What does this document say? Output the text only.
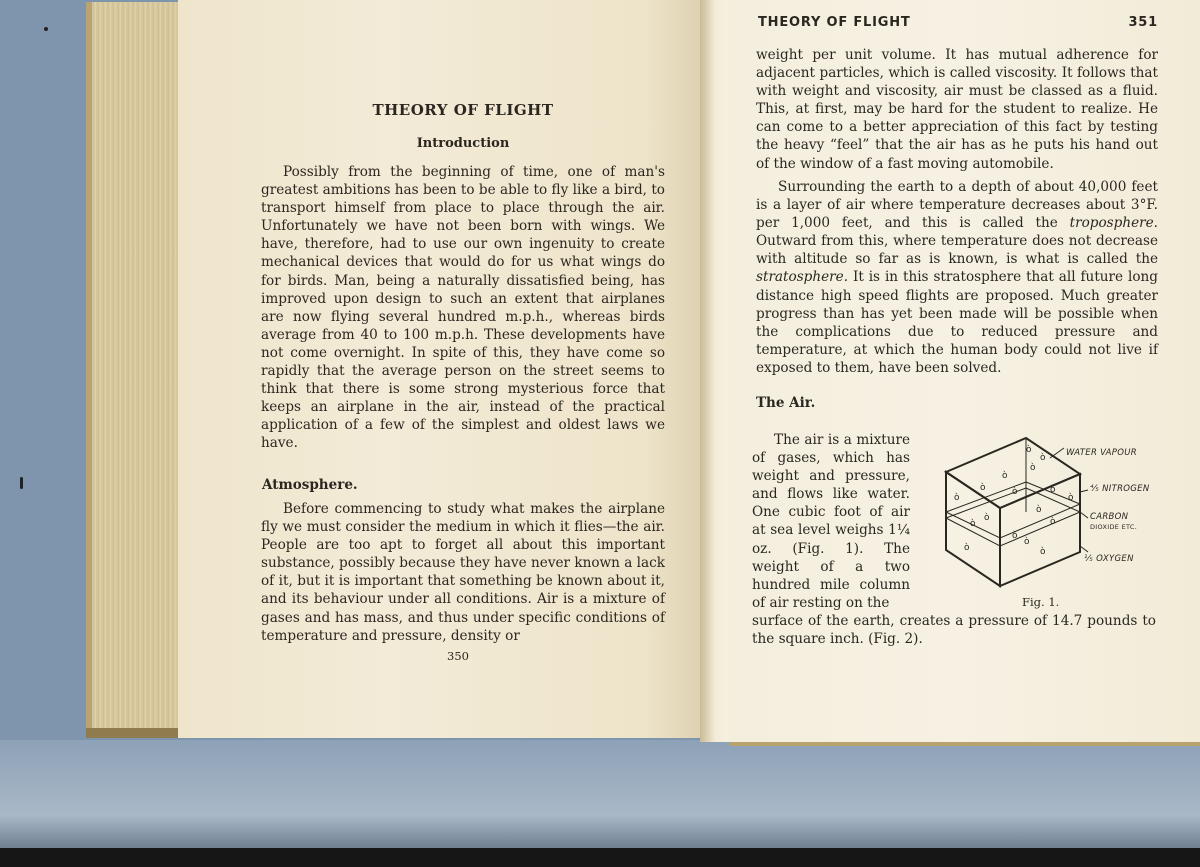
THEORY OF FLIGHT
Introduction
Possibly from the beginning of time, one of man's greatest ambitions has been to be able to fly like a bird, to transport himself from place to place through the air. Unfortunately we have not been born with wings. We have, therefore, had to use our own ingenuity to create mechanical devices that would do for us what wings do for birds. Man, being a naturally dissatisfied being, has improved upon design to such an extent that airplanes are now flying several hundred m.p.h., whereas birds average from 40 to 100 m.p.h. These developments have not come overnight. In spite of this, they have come so rapidly that the average person on the street seems to think that there is some strong mysterious force that keeps an airplane in the air, instead of the practical application of a few of the simplest and oldest laws we have.
Atmosphere.
Before commencing to study what makes the airplane fly we must consider the medium in which it flies—the air. People are too apt to forget all about this important substance, possibly because they have never known a lack of it, but it is important that something be known about it, and its behaviour under all conditions. Air is a mixture of gases and has mass, and thus under specific conditions of temperature and pressure, density or
350
THEORY OF FLIGHT	351
weight per unit volume. It has mutual adherence for adjacent particles, which is called viscosity. It follows that with weight and viscosity, air must be classed as a fluid. This, at first, may be hard for the student to realize. He can come to a better appreciation of this fact by testing the heavy “feel” that the air has as he puts his hand out of the window of a fast moving automobile.
Surrounding the earth to a depth of about 40,000 feet is a layer of air where temperature decreases about 3°F. per 1,000 feet, and this is called the troposphere. Outward from this, where temperature does not decrease with altitude so far as is known, is what is called the stratosphere. It is in this stratosphere that all future long distance high speed flights are proposed. Much greater progress than has yet been made will be possible when the complications due to reduced pressure and temperature, at which the human body could not live if exposed to them, have been solved.
The Air.
The air is a mixture of gases, which has weight and pressure, and flows like water. One cubic foot of air at sea level weighs 1¼ oz. (Fig. 1). The weight of a two hundred mile column of air resting on the
surface of the earth, creates a pressure of 14.7 pounds to the square inch. (Fig. 2).
ò
ò
ò
ò
ò
ò	ò	ò
ò
ò
ò
ò
ò
ò
ò
ò
ò
WATER VAPOUR
⁴⁄₅ NITROGEN
CARBON
DIOXIDE ETC.
¹⁄₅ OXYGEN
Fig. 1.
